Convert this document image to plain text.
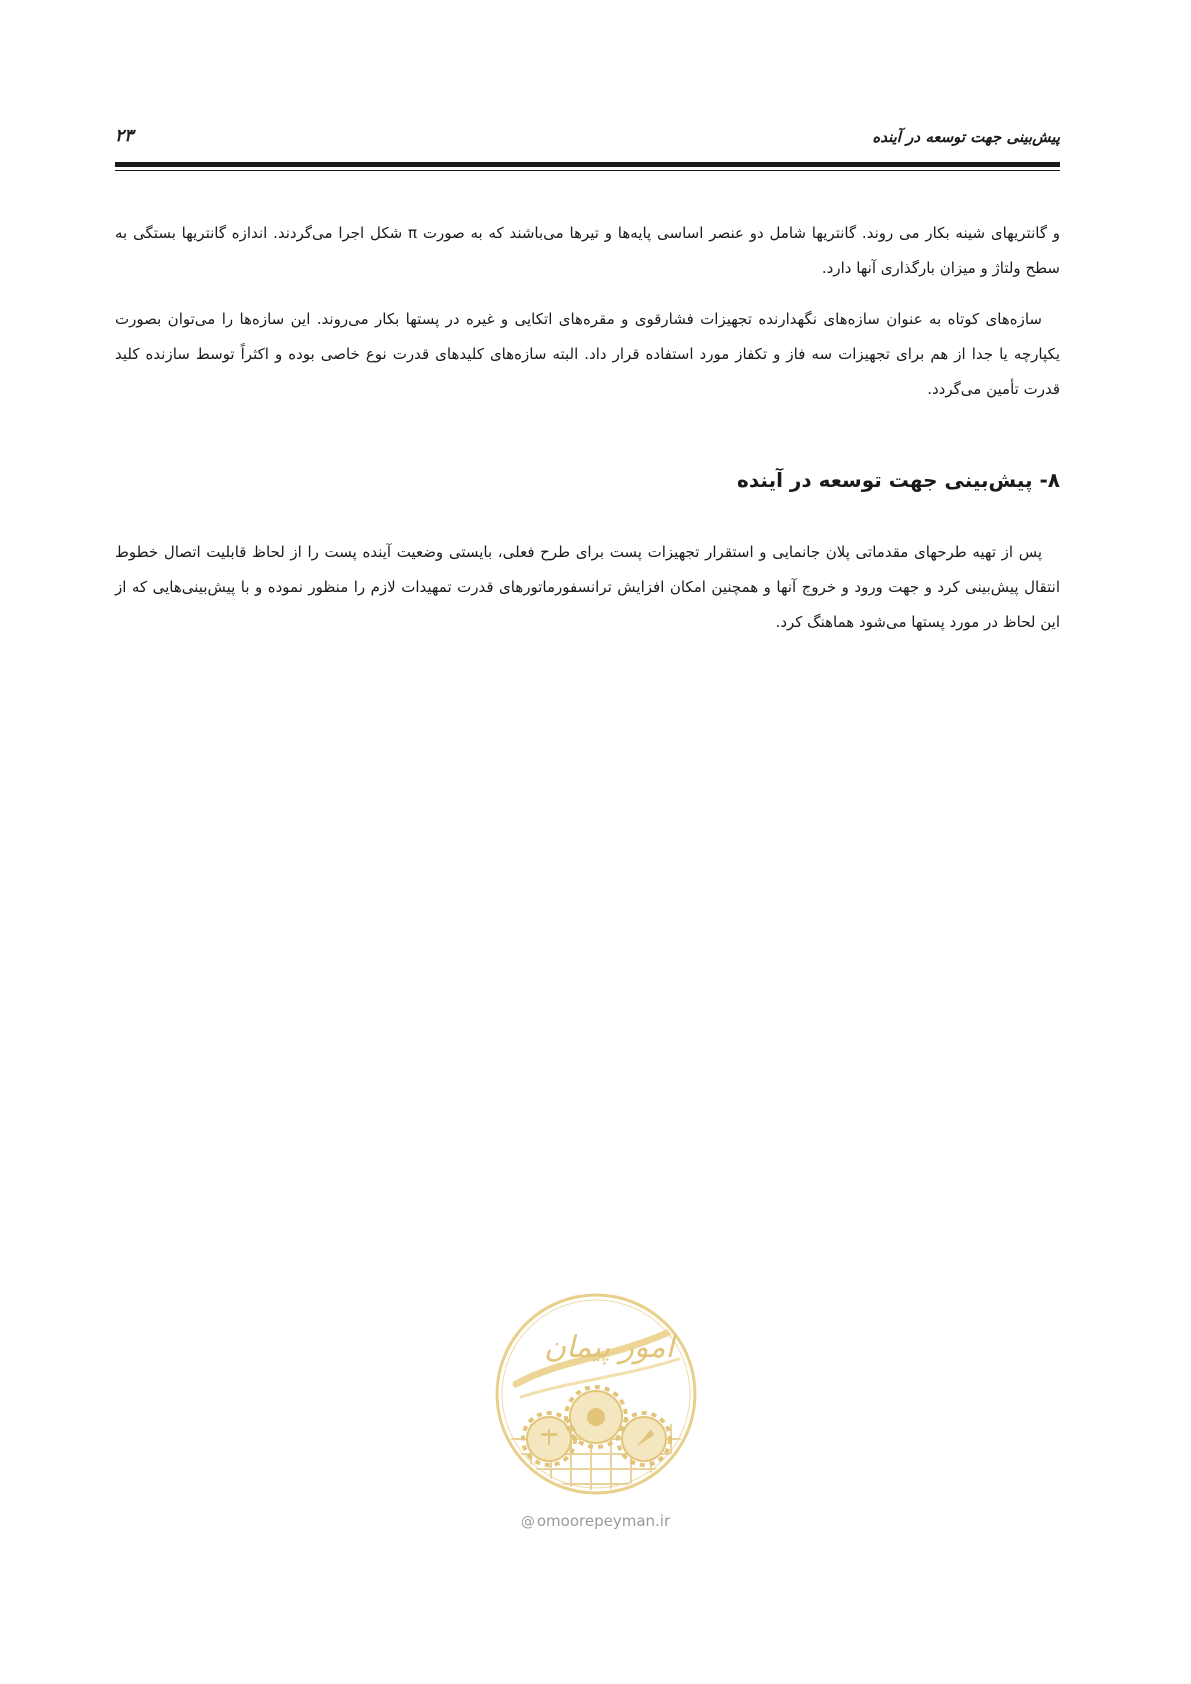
پیش‌بینی جهت توسعه در آینده
۲۳

و گانتریهای شینه بکار می روند. گانتریها شامل دو عنصر اساسی پایه‌ها و تیرها می‌باشند که به صورت π شکل اجرا می‌گردند. اندازه گانتریها بستگی به سطح ولتاژ و میزان بارگذاری آنها دارد.

سازه‌های کوتاه به عنوان سازه‌های نگهدارنده تجهیزات فشارقوی و مقره‌های اتکایی و غیره در پستها بکار می‌روند. این سازه‌ها را می‌توان بصورت یکپارچه یا جدا از هم برای تجهیزات سه فاز و تکفاز مورد استفاده قرار داد. البته سازه‌های کلیدهای قدرت نوع خاصی بوده و اکثراً توسط سازنده کلید قدرت تأمین می‌گردد.

۸- پیش‌بینی جهت توسعه در آینده

پس از تهیه طرحهای مقدماتی پلان جانمایی و استقرار تجهیزات پست برای طرح فعلی، بایستی وضعیت آینده پست را از لحاظ قابلیت اتصال خطوط انتقال پیش‌بینی کرد و جهت ورود و خروج آنها و همچنین امکان افزایش ترانسفورماتورهای قدرت تمهیدات لازم را منظور نموده و با پیش‌بینی‌هایی که از این لحاظ در مورد پستها می‌شود هماهنگ کرد.

امور پیمان
@ omoorepeyman.ir
